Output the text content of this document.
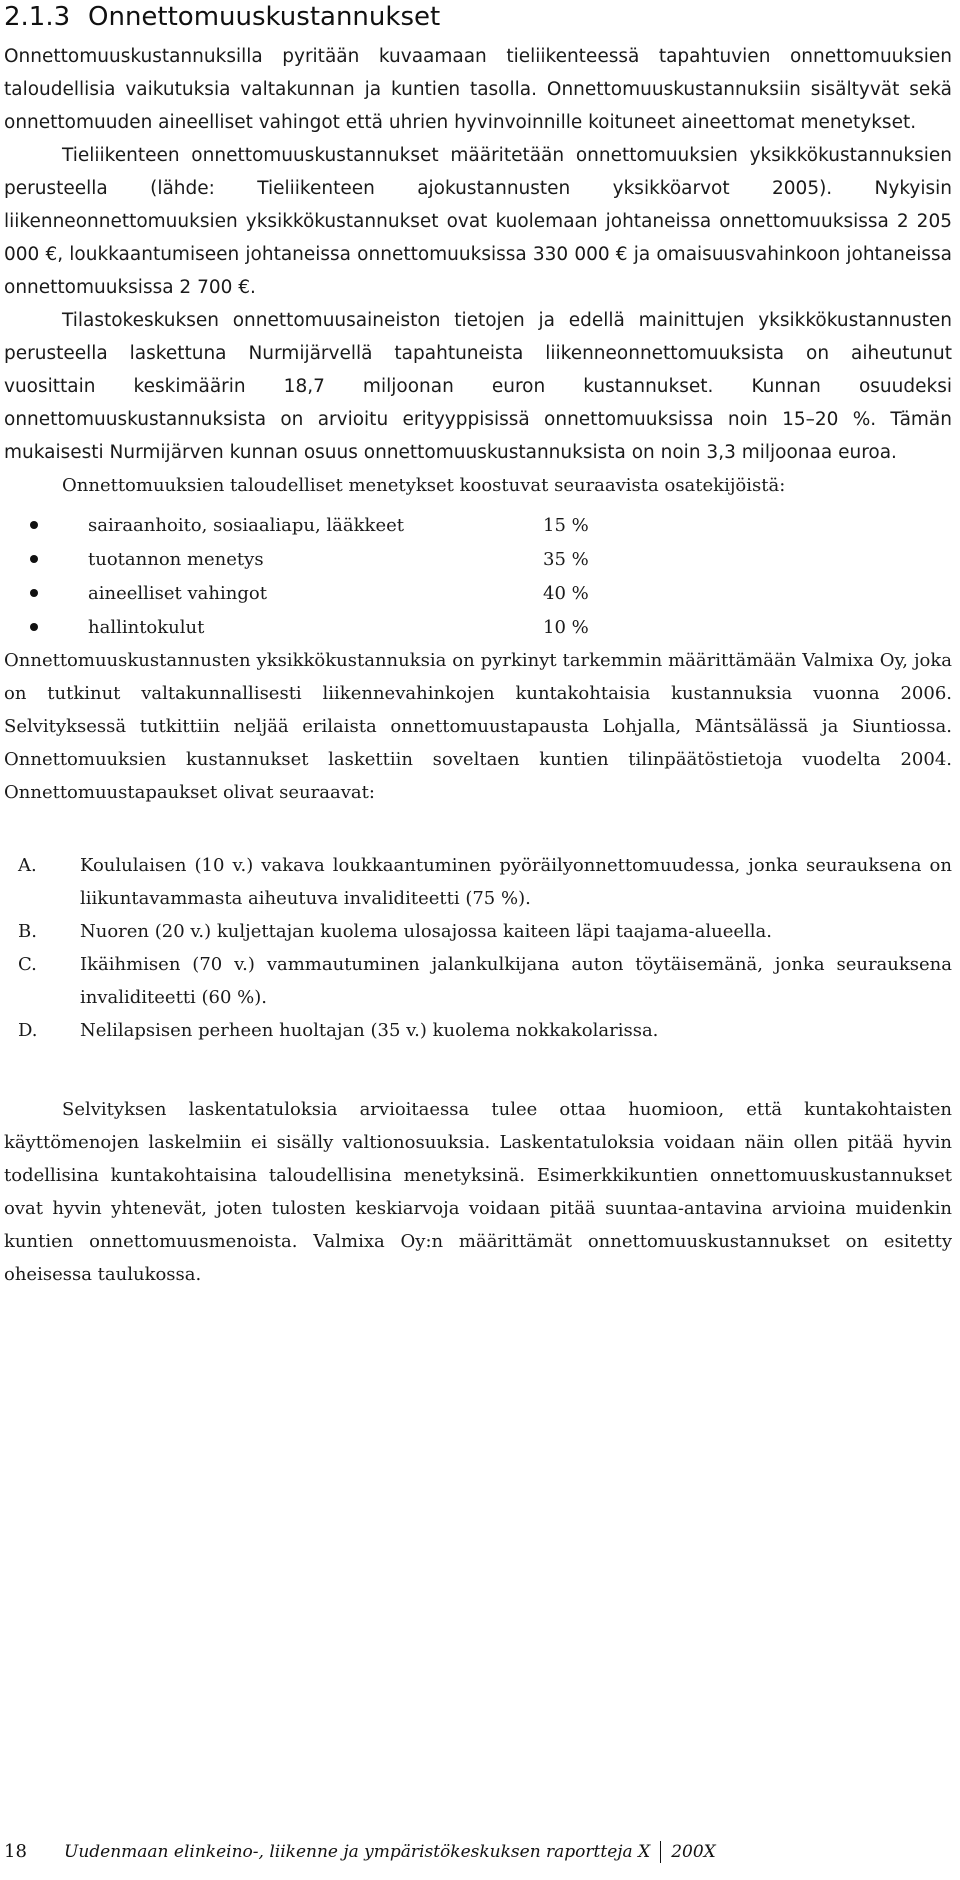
2.1.3 Onnettomuuskustannukset

Onnettomuuskustannuksilla pyritään kuvaamaan tieliikenteessä tapahtuvien onnettomuuksien taloudellisia vaikutuksia valtakunnan ja kuntien tasolla. Onnettomuuskustannuksiin sisältyvät sekä onnettomuuden aineelliset vahingot että uhrien hyvinvoinnille koituneet aineettomat menetykset.

Tieliikenteen onnettomuuskustannukset määritetään onnettomuuksien yksikkökustannuksien perusteella (lähde: Tieliikenteen ajokustannusten yksikköarvot 2005). Nykyisin liikenneonnettomuuksien yksikkökustannukset ovat kuolemaan johtaneissa onnettomuuksissa 2 205 000 €, loukkaantumiseen johtaneissa onnettomuuksissa 330 000 € ja omaisuusvahinkoon johtaneissa onnettomuuksissa 2 700 €.

Tilastokeskuksen onnettomuusaineiston tietojen ja edellä mainittujen yksikkökustannusten perusteella laskettuna Nurmijärvellä tapahtuneista liikenneonnettomuuksista on aiheutunut vuosittain keskimäärin 18,7 miljoonan euron kustannukset. Kunnan osuudeksi onnettomuuskustannuksista on arvioitu erityyppisissä onnettomuuksissa noin 15–20 %. Tämän mukaisesti Nurmijärven kunnan osuus onnettomuuskustannuksista on noin 3,3 miljoonaa euroa.

Onnettomuuksien taloudelliset menetykset koostuvat seuraavista osatekijöistä:

sairaanhoito, sosiaaliapu, lääkkeet	15 %
tuotannon menetys	35 %
aineelliset vahingot	40 %
hallintokulut	10 %

Onnettomuuskustannusten yksikkökustannuksia on pyrkinyt tarkemmin määrittämään Valmixa Oy, joka on tutkinut valtakunnallisesti liikennevahinkojen kuntakohtaisia kustannuksia vuonna 2006. Selvityksessä tutkittiin neljää erilaista onnettomuustapausta Lohjalla, Mäntsälässä ja Siuntiossa. Onnettomuuksien kustannukset laskettiin soveltaen kuntien tilinpäätöstietoja vuodelta 2004. Onnettomuustapaukset olivat seuraavat:

A.	Koululaisen (10 v.) vakava loukkaantuminen pyöräilyonnettomuudessa, jonka seurauksena on liikuntavammasta aiheutuva invaliditeetti (75 %).
B.	Nuoren (20 v.) kuljettajan kuolema ulosajossa kaiteen läpi taajama-alueella.
C.	Ikäihmisen (70 v.) vammautuminen jalankulkijana auton töytäisemänä, jonka seurauksena invaliditeetti (60 %).
D.	Nelilapsisen perheen huoltajan (35 v.) kuolema nokkakolarissa.

Selvityksen laskentatuloksia arvioitaessa tulee ottaa huomioon, että kuntakohtaisten käyttömenojen laskelmiin ei sisälly valtionosuuksia. Laskentatuloksia voidaan näin ollen pitää hyvin todellisina kuntakohtaisina taloudellisina menetyksinä. Esimerkkikuntien onnettomuuskustannukset ovat hyvin yhtenevät, joten tulosten keskiarvoja voidaan pitää suuntaa-antavina arvioina muidenkin kuntien onnettomuusmenoista. Valmixa Oy:n määrittämät onnettomuuskustannukset on esitetty oheisessa taulukossa.

18	Uudenmaan elinkeino-, liikenne ja ympäristökeskuksen raportteja X 200X
